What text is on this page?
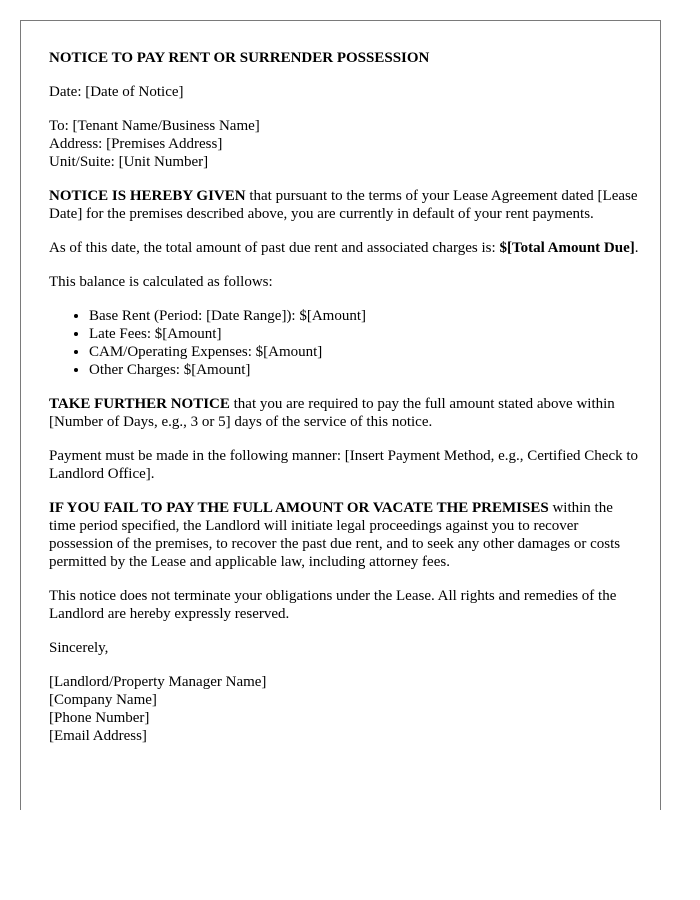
NOTICE TO PAY RENT OR SURRENDER POSSESSION

Date: [Date of Notice]

To: [Tenant Name/Business Name]
Address: [Premises Address]
Unit/Suite: [Unit Number]

NOTICE IS HEREBY GIVEN that pursuant to the terms of your Lease Agreement dated [Lease Date] for the premises described above, you are currently in default of your rent payments.

As of this date, the total amount of past due rent and associated charges is: $[Total Amount Due].

This balance is calculated as follows:

• Base Rent (Period: [Date Range]): $[Amount]
• Late Fees: $[Amount]
• CAM/Operating Expenses: $[Amount]
• Other Charges: $[Amount]

TAKE FURTHER NOTICE that you are required to pay the full amount stated above within [Number of Days, e.g., 3 or 5] days of the service of this notice.

Payment must be made in the following manner: [Insert Payment Method, e.g., Certified Check to Landlord Office].

IF YOU FAIL TO PAY THE FULL AMOUNT OR VACATE THE PREMISES within the time period specified, the Landlord will initiate legal proceedings against you to recover possession of the premises, to recover the past due rent, and to seek any other damages or costs permitted by the Lease and applicable law, including attorney fees.

This notice does not terminate your obligations under the Lease. All rights and remedies of the Landlord are hereby expressly reserved.

Sincerely,

[Landlord/Property Manager Name]
[Company Name]
[Phone Number]
[Email Address]
